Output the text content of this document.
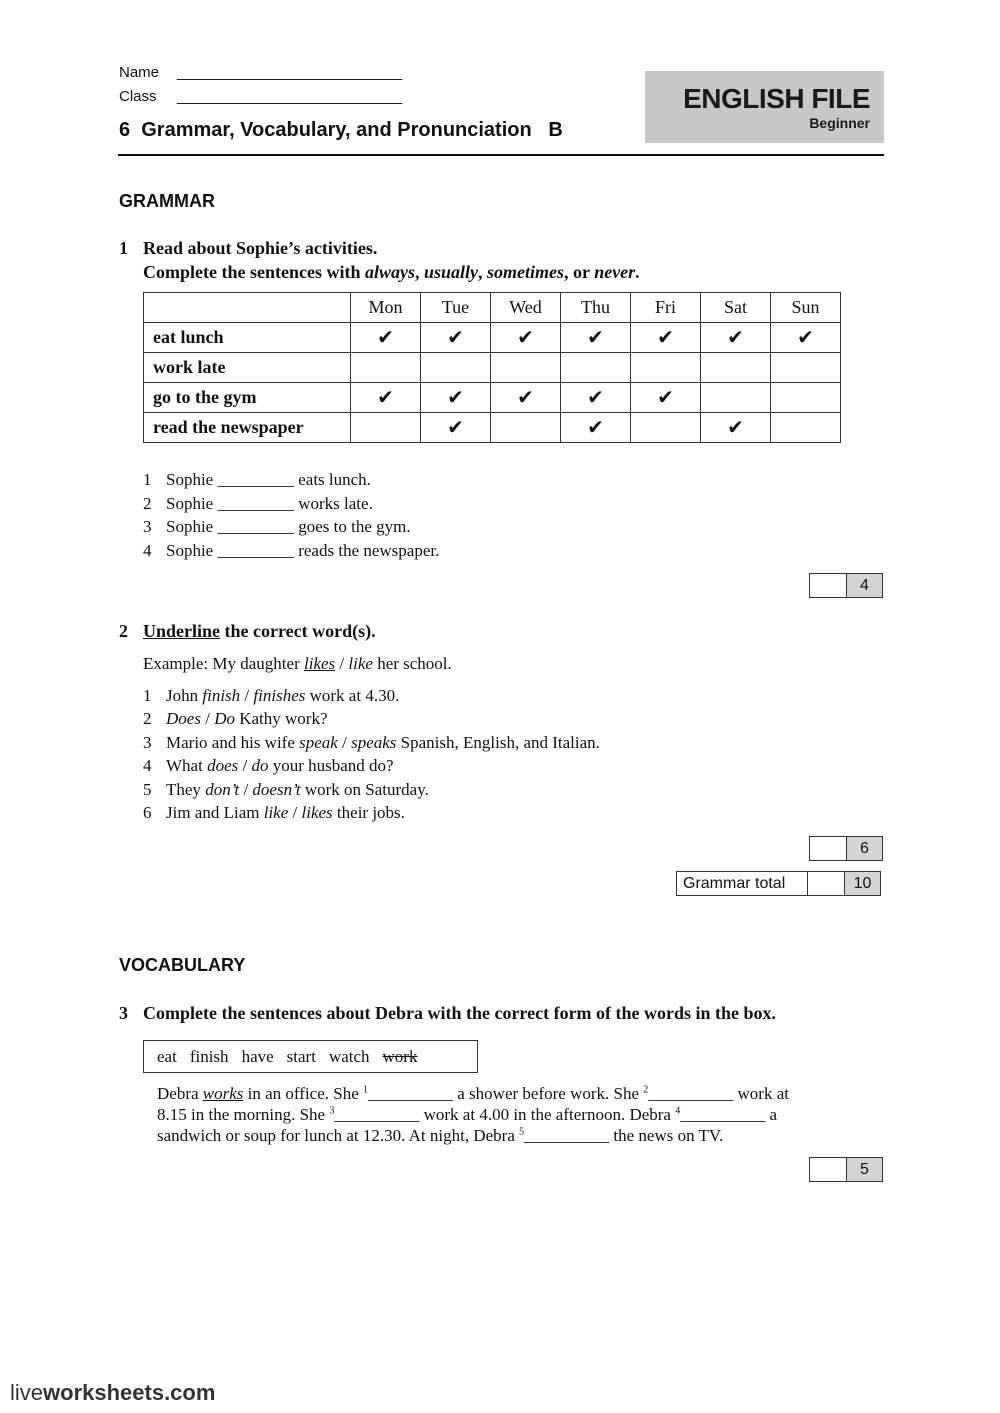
Name ___________________________
Class ___________________________	ENGLISH FILE
Beginner
6  Grammar, Vocabulary, and Pronunciation   B
GRAMMAR
1 Read about Sophie’s activities.
Complete the sentences with always, usually, sometimes, or never.
	Mon	Tue	Wed	Thu	Fri	Sat	Sun
eat lunch	✔	✔	✔	✔	✔	✔	✔
work late							
go to the gym	✔	✔	✔	✔	✔		
read the newspaper		✔		✔		✔	
1 Sophie _________ eats lunch.
2 Sophie _________ works late.
3 Sophie _________ goes to the gym.
4 Sophie _________ reads the newspaper.
4
2 Underline the correct word(s).
Example: My daughter likes / like her school.
1 John finish / finishes work at 4.30.
2 Does / Do Kathy work?
3 Mario and his wife speak / speaks Spanish, English, and Italian.
4 What does / do your husband do?
5 They don’t / doesn’t work on Saturday.
6 Jim and Liam like / likes their jobs.
6
Grammar total	10
VOCABULARY
3 Complete the sentences about Debra with the correct form of the words in the box.
eat finish have start watch work
Debra works in an office. She $^1$__________ a shower before work. She $^2$__________ work at
8.15 in the morning. She $^3$__________ work at 4.00 in the afternoon. Debra $^4$__________ a
sandwich or soup for lunch at 12.30. At night, Debra $^5$__________ the news on TV.
5
liveworksheets.com
